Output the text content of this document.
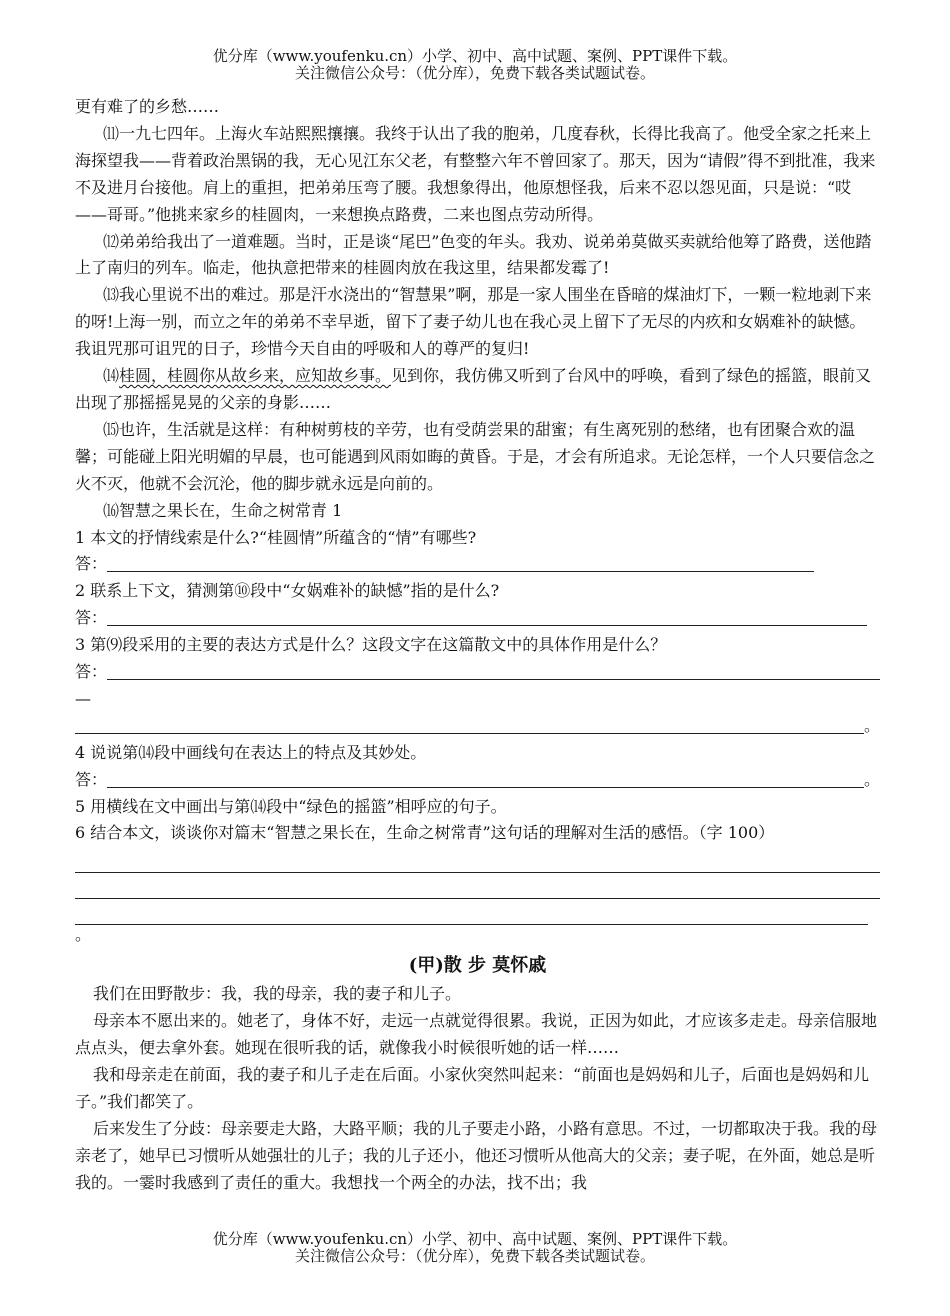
优分库（www.youfenku.cn）小学、初中、高中试题、案例、PPT课件下载。
关注微信公众号：（优分库），免费下载各类试题试卷。

更有难了的乡愁……

⑾一九七四年。上海火车站熙熙攘攘。我终于认出了我的胞弟，几度春秋，长得比我高了。他受全家之托来上海探望我——背着政治黑锅的我，无心见江东父老，有整整六年不曾回家了。那天，因为“请假”得不到批准，我来不及进月台接他。肩上的重担，把弟弟压弯了腰。我想象得出，他原想怪我，后来不忍以怨见面，只是说：“哎——哥哥。”他挑来家乡的桂圆肉，一来想换点路费，二来也图点劳动所得。

⑿弟弟给我出了一道难题。当时，正是谈“尾巴”色变的年头。我劝、说弟弟莫做买卖就给他筹了路费，送他踏上了南归的列车。临走，他执意把带来的桂圆肉放在我这里，结果都发霉了!

⒀我心里说不出的难过。那是汗水浇出的“智慧果”啊，那是一家人围坐在昏暗的煤油灯下，一颗一粒地剥下来的呀!上海一别，而立之年的弟弟不幸早逝，留下了妻子幼儿也在我心灵上留下了无尽的内疚和女娲难补的缺憾。我诅咒那可诅咒的日子，珍惜今天自由的呼吸和人的尊严的复归!

⒁桂圆，桂圆你从故乡来，应知故乡事。见到你，我仿佛又听到了台风中的呼唤，看到了绿色的摇篮，眼前又出现了那摇摇晃晃的父亲的身影……

⒂也许，生活就是这样：有种树剪枝的辛劳，也有受荫尝果的甜蜜；有生离死别的愁绪，也有团聚合欢的温馨；可能碰上阳光明媚的早晨，也可能遇到风雨如晦的黄昏。于是，才会有所追求。无论怎样，一个人只要信念之火不灭，他就不会沉沦，他的脚步就永远是向前的。

⒃智慧之果长在，生命之树常青 1

1 本文的抒情线索是什么?“桂圆情”所蕴含的“情”有哪些?

答：

2 联系上下文，猜测第⑩段中“女娲难补的缺憾”指的是什么?

答：

3 第⑼段采用的主要的表达方式是什么？这段文字在这篇散文中的具体作用是什么？

答：

—

。

4 说说第⒁段中画线句在表达上的特点及其妙处。

答：	。

5 用横线在文中画出与第⒁段中“绿色的摇篮”相呼应的句子。

6 结合本文，谈谈你对篇末“智慧之果长在，生命之树常青”这句话的理解对生活的感悟。（字 100）

。

(甲)散 步 莫怀戚

我们在田野散步：我，我的母亲，我的妻子和儿子。

母亲本不愿出来的。她老了，身体不好，走远一点就觉得很累。我说，正因为如此，才应该多走走。母亲信服地点点头，便去拿外套。她现在很听我的话，就像我小时候很听她的话一样……

我和母亲走在前面，我的妻子和儿子走在后面。小家伙突然叫起来：“前面也是妈妈和儿子，后面也是妈妈和儿子。”我们都笑了。

后来发生了分歧：母亲要走大路，大路平顺；我的儿子要走小路，小路有意思。不过，一切都取决于我。我的母亲老了，她早已习惯听从她强壮的儿子；我的儿子还小，他还习惯听从他高大的父亲；妻子呢，在外面，她总是听我的。一霎时我感到了责任的重大。我想找一个两全的办法，找不出；我

优分库（www.youfenku.cn）小学、初中、高中试题、案例、PPT课件下载。
关注微信公众号：（优分库），免费下载各类试题试卷。
